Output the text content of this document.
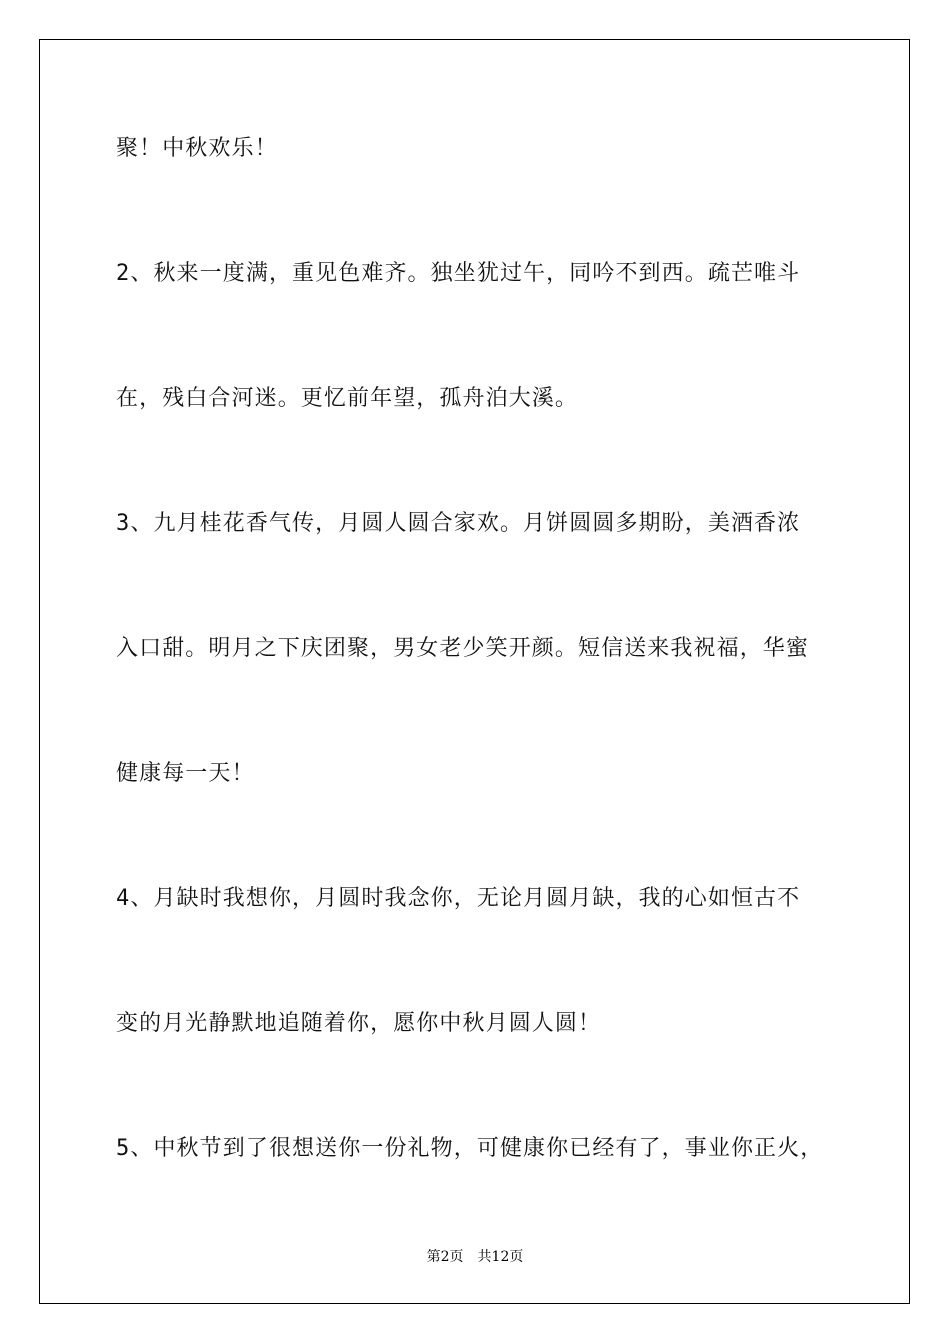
聚！中秋欢乐！

2、秋来一度满，重见色难齐。独坐犹过午，同吟不到西。疏芒唯斗

在，残白合河迷。更忆前年望，孤舟泊大溪。

3、九月桂花香气传，月圆人圆合家欢。月饼圆圆多期盼，美酒香浓

入口甜。明月之下庆团聚，男女老少笑开颜。短信送来我祝福，华蜜

健康每一天！

4、月缺时我想你，月圆时我念你，无论月圆月缺，我的心如恒古不

变的月光静默地追随着你，愿你中秋月圆人圆！

5、中秋节到了很想送你一份礼物，可健康你已经有了，事业你正火，

第2页 共12页
